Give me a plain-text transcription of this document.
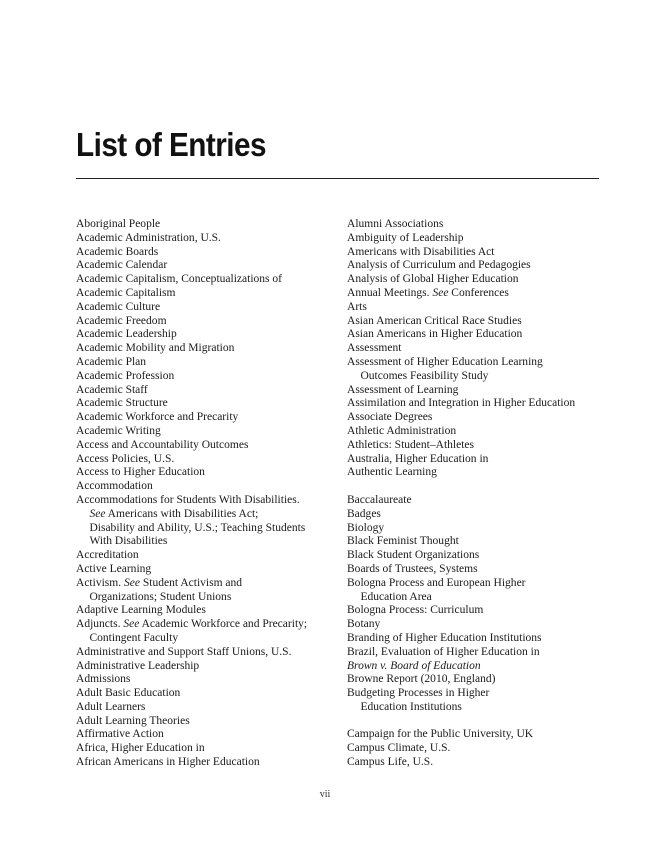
List of Entries
Aboriginal People
Academic Administration, U.S.
Academic Boards
Academic Calendar
Academic Capitalism, Conceptualizations of
Academic Capitalism
Academic Culture
Academic Freedom
Academic Leadership
Academic Mobility and Migration
Academic Plan
Academic Profession
Academic Staff
Academic Structure
Academic Workforce and Precarity
Academic Writing
Access and Accountability Outcomes
Access Policies, U.S.
Access to Higher Education
Accommodation
Accommodations for Students With Disabilities.
See Americans with Disabilities Act;
Disability and Ability, U.S.; Teaching Students
With Disabilities
Accreditation
Active Learning
Activism. See Student Activism and
Organizations; Student Unions
Adaptive Learning Modules
Adjuncts. See Academic Workforce and Precarity;
Contingent Faculty
Administrative and Support Staff Unions, U.S.
Administrative Leadership
Admissions
Adult Basic Education
Adult Learners
Adult Learning Theories
Affirmative Action
Africa, Higher Education in
African Americans in Higher Education
Alumni Associations
Ambiguity of Leadership
Americans with Disabilities Act
Analysis of Curriculum and Pedagogies
Analysis of Global Higher Education
Annual Meetings. See Conferences
Arts
Asian American Critical Race Studies
Asian Americans in Higher Education
Assessment
Assessment of Higher Education Learning
Outcomes Feasibility Study
Assessment of Learning
Assimilation and Integration in Higher Education
Associate Degrees
Athletic Administration
Athletics: Student–Athletes
Australia, Higher Education in
Authentic Learning
Baccalaureate
Badges
Biology
Black Feminist Thought
Black Student Organizations
Boards of Trustees, Systems
Bologna Process and European Higher
Education Area
Bologna Process: Curriculum
Botany
Branding of Higher Education Institutions
Brazil, Evaluation of Higher Education in
Brown v. Board of Education
Browne Report (2010, England)
Budgeting Processes in Higher
Education Institutions
Campaign for the Public University, UK
Campus Climate, U.S.
Campus Life, U.S.
vii
